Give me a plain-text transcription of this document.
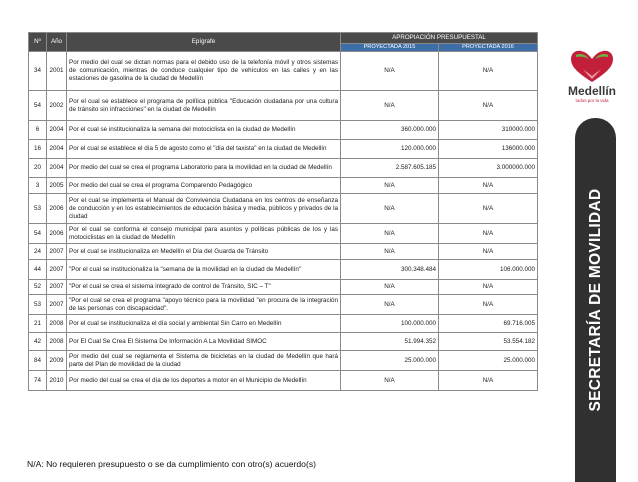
Medellín
todos por la vida
SECRETARÍA DE MOVILIDAD
Nº	Año	Epígrafe	APROPIACIÓN PRESUPUESTAL	
			PROYECTADA 2015	PROYECTADA 2016
34	2001	Por medio del cual se dictan normas para el debido uso de la telefonía móvil y otros sistemas de comunicación, mientras de conduce cualquier tipo de vehículos en las calles y en las estaciones de gasolina de la ciudad de Medellín	N/A	N/A
54	2002	Por el cual se establece el programa de política pública "Educación ciudadana por una cultura de tránsito sin infracciones" en la ciudad de Medellín	N/A	N/A
6	2004	Por el cual se institucionaliza la semana del motociclista en la ciudad de Medellín	360.000.000	310000.000
16	2004	Por el cual se establece el día 5 de agosto como el "día del taxista" en la ciudad de Medellín	120.000.000	136000.000
20	2004	Por medio del cual se crea el programa Laboratorio para la movilidad en la ciudad de Medellín	2.587.605.185	3.000000.000
3	2005	Por medio del cual se crea el programa Comparendo Pedagógico	N/A	N/A
53	2006	Por el cual se implementa el Manual de Convivencia Ciudadana en los centros de enseñanza de conducción y en los establecimientos de educación básica y media, públicos y privados de la ciudad	N/A	N/A
54	2006	Por el cual se conforma el consejo municipal para asuntos y políticas públicas de los y las motociclistas en la ciudad de Medellín	N/A	N/A
24	2007	Por el cual se institucionaliza en Medellín el Día del Guarda de Tránsito	N/A	N/A
44	2007	"Por el cual se institucionaliza la "semana de la movilidad en la ciudad de Medellín"	300.348.484	106.000.000
52	2007	"Por el cual se crea el sistema integrado de control de Tránsito, SIC – T"	N/A	N/A
53	2007	"Por el cual se crea el programa "apoyo técnico para la movilidad "en procura de la integración de las personas con discapacidad".	N/A	N/A
21	2008	Por el cual se institucionaliza el día social y ambiental Sin Carro en Medellín	100.000.000	69.716.005
42	2008	Por El Cual Se Crea El Sistema De Información A La Movilidad SIMOC	51.994.352	53.554.182
84	2009	Por medio del cual se reglamenta el Sistema de bicicletas en la ciudad de Medellín que hará parte del Plan de movilidad de la ciudad	25.000.000	25.000.000
74	2010	Por medio del cual se crea el día de los deportes a motor en el Municipio de Medellín	N/A	N/A
N/A: No requieren presupuesto o se da cumplimiento con otro(s) acuerdo(s)
